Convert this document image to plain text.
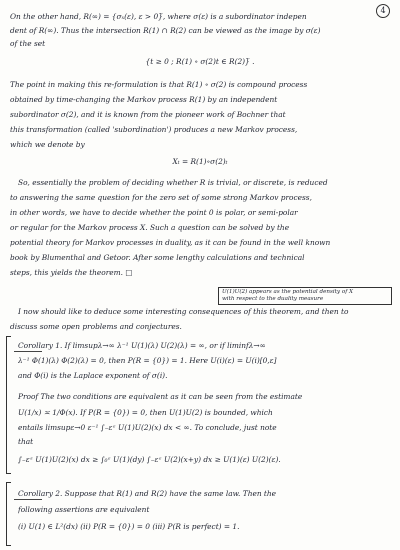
4
On the other hand, R(∞) = {σₓ(ε), ε > 0}̅, where σ(ε) is a subordinator indepen
dent of R(∞). Thus the intersection R(1) ∩ R(2) can be viewed as the image by σ(ε)
of the set
{t ≥ 0 ; R(1) ∘ σ(2)t ∈ R(2)}̅ .
The point in making this re-formulation is that R(1) ∘ σ(2) is compound process
obtained by time-changing the Markov process R(1) by an independent
subordinator σ(2), and it is known from the pioneer work of Bochner that
this transformation (called 'subordination') produces a new Markov process,
which we denote by
Xₜ = R(1)∘σ(2)ₜ
So, essentially the problem of deciding whether R is trivial, or discrete, is reduced
to answering the same question for the zero set of some strong Markov process,
in other words, we have to decide whether the point 0 is polar, or semi-polar
or regular for the Markov process X. Such a question can be solved by the
potential theory for Markov processes in duality, as it can be found in the well known
book by Blumenthal and Getoor. After some lengthy calculations and technical
steps, this yields the theorem. □
U(1)U(2) appears as the potential density of X
with respect to the duality measure
I now should like to deduce some interesting consequences of this theorem, and then to
discuss some open problems and conjectures.
Corollary 1. If limsupλ→∞ λ⁻¹ U(1)(λ) U(2)(λ) = ∞, or if liminfλ→∞
λ⁻¹ Φ(1)(λ) Φ(2)(λ) = 0, then P(R = {0}) = 1. Here U(i)(ε) = U(i)[0,ε]
and Φ(i) is the Laplace exponent of σ(i).
Proof The two conditions are equivalent as it can be seen from the estimate
U(1/x) ≍ 1/Φ(x). If P(R = {0}) = 0, then U(1)U(2) is bounded, which
entails limsupε→0 ε⁻¹ ∫₋εᵋ U(1)U(2)(x) dx < ∞. To conclude, just note
that
∫₋εᵋ U(1)U(2)(x) dx ≥ ∫₀ᵋ U(1)(dy) ∫₋εᵋ U(2)(x+y) dx ≥ U(1)(ε) U(2)(ε).
Corollary 2. Suppose that R(1) and R(2) have the same law. Then the
following assertions are equivalent
(i) U(1) ∈ L²(dx) (ii) P(R = {0}) = 0 (iii) P(R is perfect) = 1.
